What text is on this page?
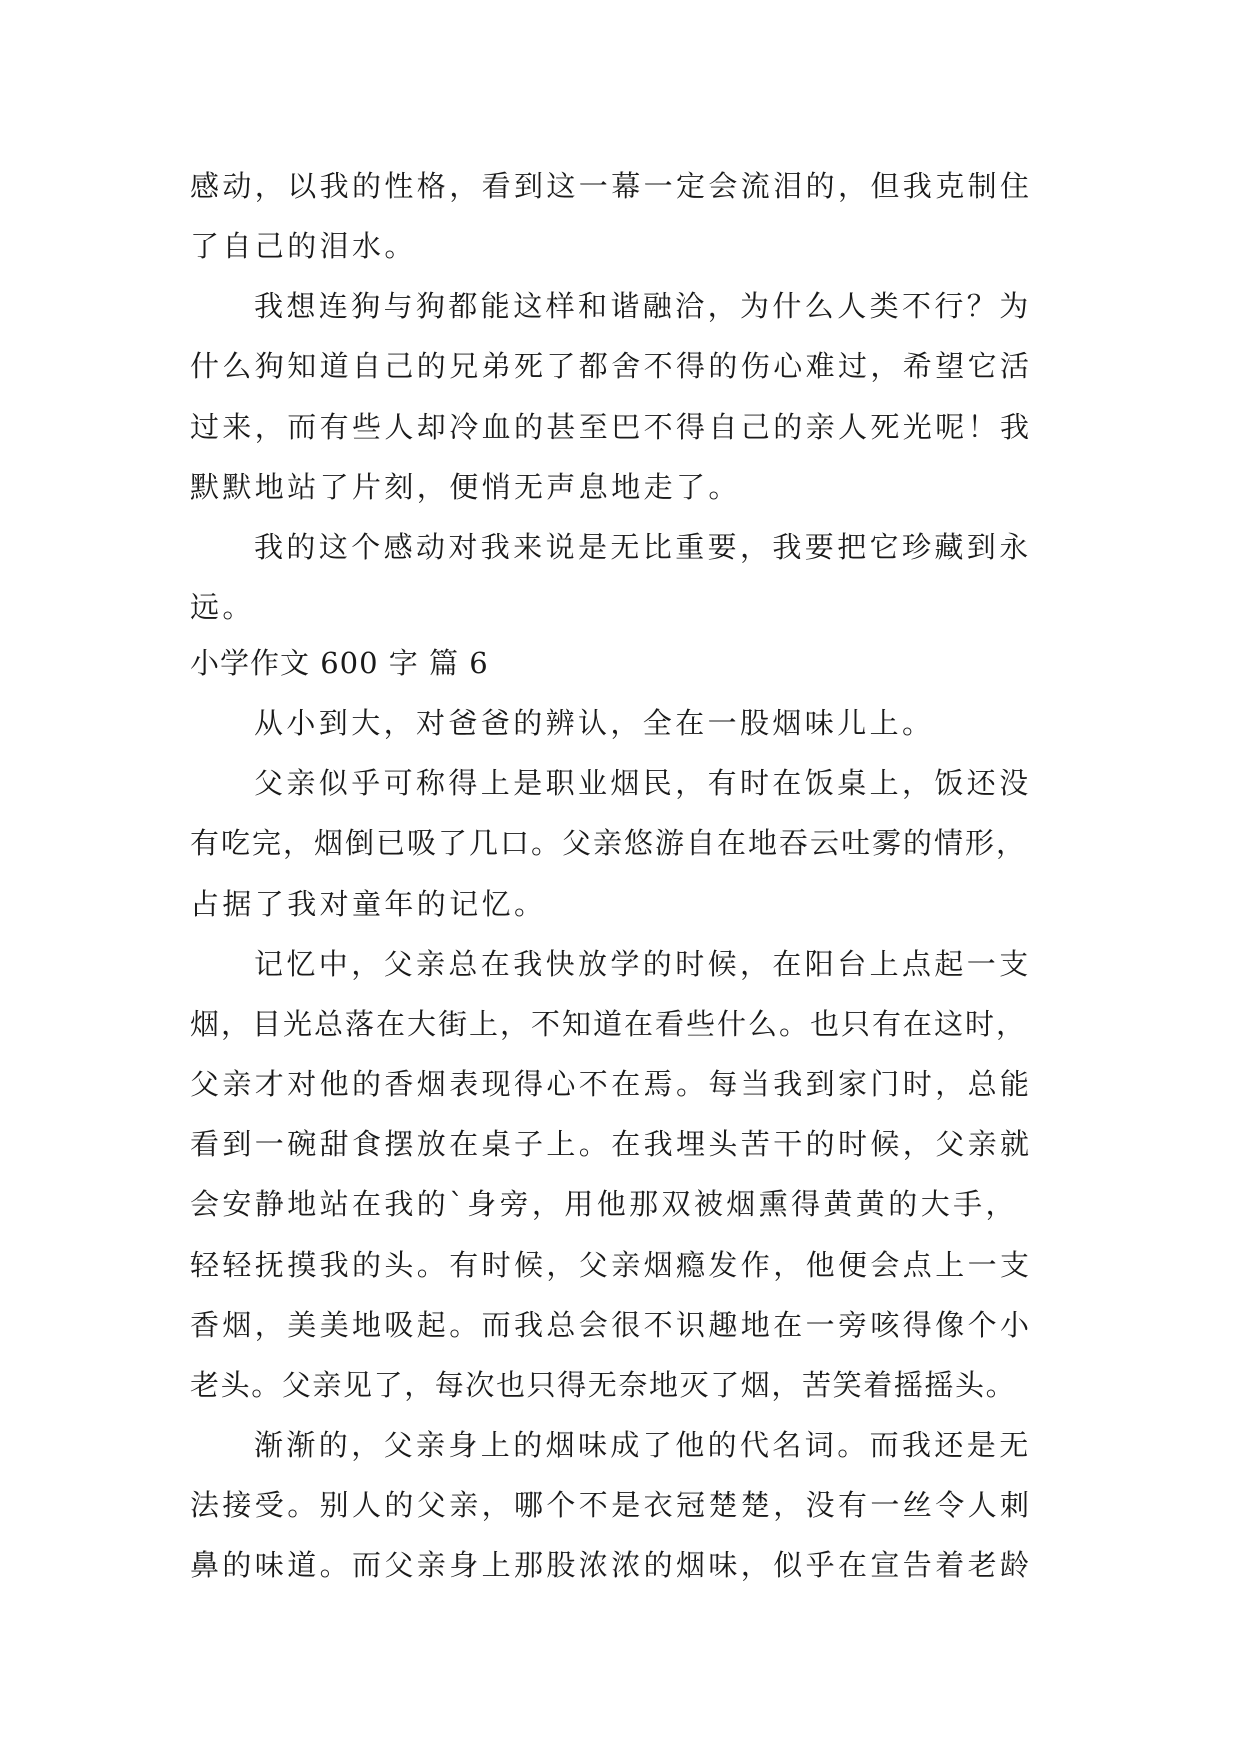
感动，以我的性格，看到这一幕一定会流泪的，但我克制住
了自己的泪水。
我想连狗与狗都能这样和谐融洽，为什么人类不行？为
什么狗知道自己的兄弟死了都舍不得的伤心难过，希望它活
过来，而有些人却冷血的甚至巴不得自己的亲人死光呢！我
默默地站了片刻，便悄无声息地走了。
我的这个感动对我来说是无比重要，我要把它珍藏到永
远。
小学作文 600 字 篇 6
从小到大，对爸爸的辨认，全在一股烟味儿上。
父亲似乎可称得上是职业烟民，有时在饭桌上，饭还没
有吃完，烟倒已吸了几口。父亲悠游自在地吞云吐雾的情形，
占据了我对童年的记忆。
记忆中，父亲总在我快放学的时候，在阳台上点起一支
烟，目光总落在大街上，不知道在看些什么。也只有在这时，
父亲才对他的香烟表现得心不在焉。每当我到家门时，总能
看到一碗甜食摆放在桌子上。在我埋头苦干的时候，父亲就
会安静地站在我的`身旁，用他那双被烟熏得黄黄的大手，
轻轻抚摸我的头。有时候，父亲烟瘾发作，他便会点上一支
香烟，美美地吸起。而我总会很不识趣地在一旁咳得像个小
老头。父亲见了，每次也只得无奈地灭了烟，苦笑着摇摇头。
渐渐的，父亲身上的烟味成了他的代名词。而我还是无
法接受。别人的父亲，哪个不是衣冠楚楚，没有一丝令人刺
鼻的味道。而父亲身上那股浓浓的烟味，似乎在宣告着老龄
